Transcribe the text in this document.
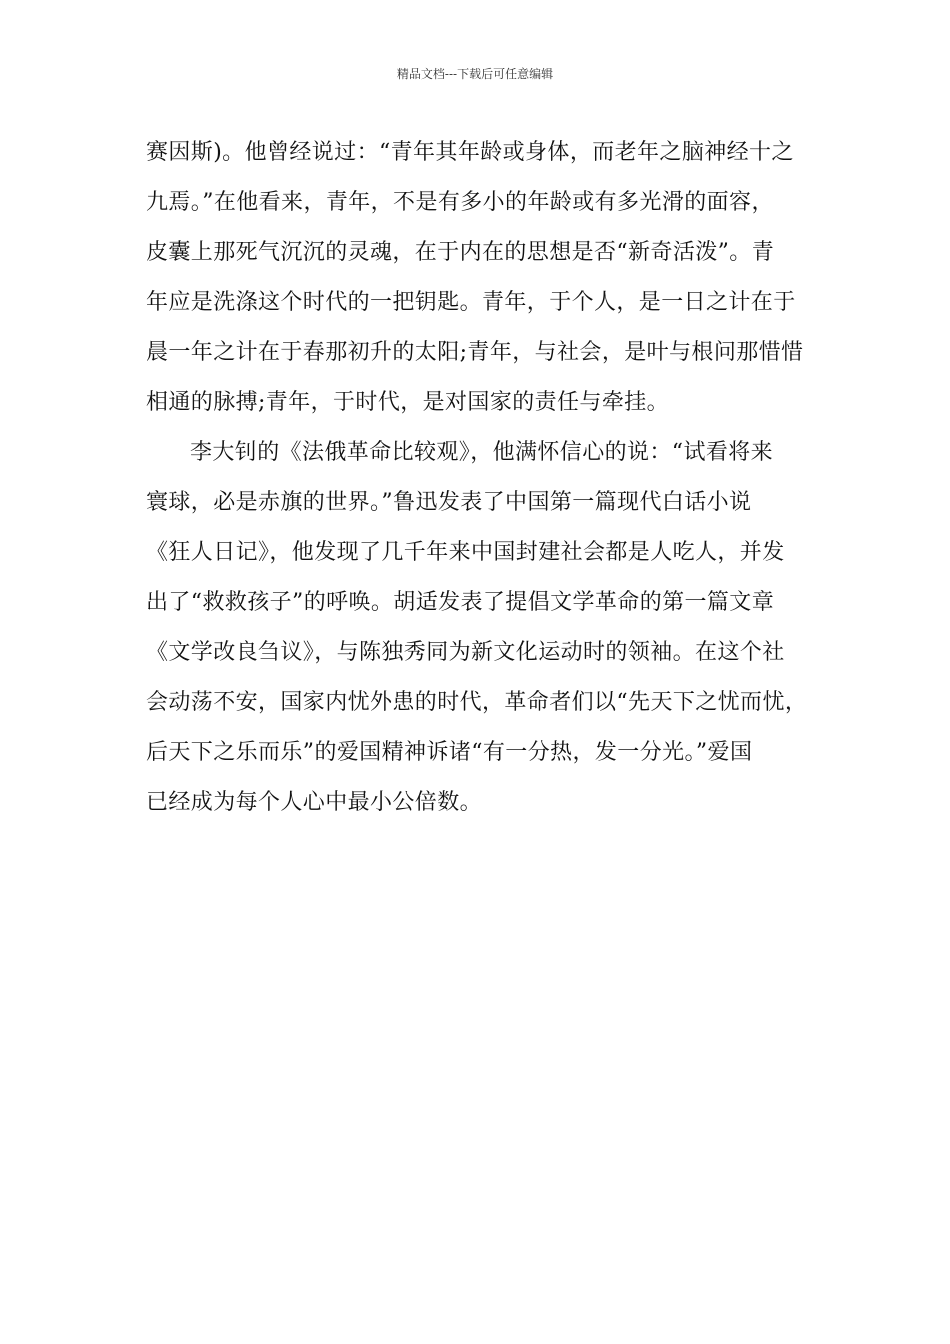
精品文档---下载后可任意编辑
赛因斯)。他曾经说过：“青年其年龄或身体，而老年之脑神经十之
九焉。”在他看来，青年，不是有多小的年龄或有多光滑的面容，
皮囊上那死气沉沉的灵魂，在于内在的思想是否“新奇活泼”。青
年应是洗涤这个时代的一把钥匙。青年，于个人，是一日之计在于
晨一年之计在于春那初升的太阳;青年，与社会，是叶与根问那惜惜
相通的脉搏;青年，于时代，是对国家的责任与牵挂。
李大钊的《法俄革命比较观》，他满怀信心的说：“试看将来
寰球，必是赤旗的世界。”鲁迅发表了中国第一篇现代白话小说
《狂人日记》，他发现了几千年来中国封建社会都是人吃人，并发
出了“救救孩子”的呼唤。胡适发表了提倡文学革命的第一篇文章
《文学改良刍议》，与陈独秀同为新文化运动时的领袖。在这个社
会动荡不安，国家内忧外患的时代，革命者们以“先天下之忧而忧，
后天下之乐而乐”的爱国精神诉诸“有一分热，发一分光。”爱国
已经成为每个人心中最小公倍数。
